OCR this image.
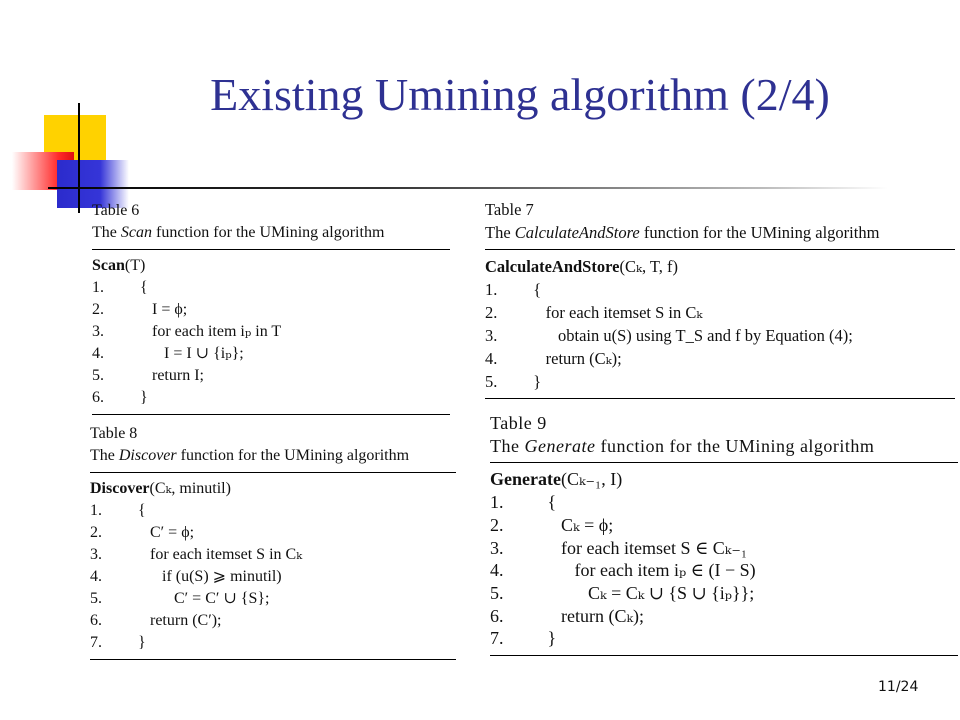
Existing Umining algorithm (2/4)

Table 6

The Scan function for the UMining algorithm

Scan(T)

1.	{
2.	I = ϕ;
3.	for each item iₚ in T
4.	I = I ∪ {iₚ};
5.	return I;
6.	}

Table 7

The CalculateAndStore function for the UMining algorithm

CalculateAndStore(Cₖ, T, f)

1.	{
2.	for each itemset S in Cₖ
3.	obtain u(S) using T_S and f by Equation (4);
4.	return (Cₖ);
5.	}

Table 8

The Discover function for the UMining algorithm

Discover(Cₖ, minutil)

1.	{
2.	C′ = ϕ;
3.	for each itemset S in Cₖ
4.	if (u(S) ⩾ minutil)
5.	C′ = C′ ∪ {S};
6.	return (C′);
7.	}

Table 9

The Generate function for the UMining algorithm

Generate(Cₖ₋₁, I)

1.	{
2.	Cₖ = ϕ;
3.	for each itemset S ∈ Cₖ₋₁
4.	for each item iₚ ∈ (I − S)
5.	Cₖ = Cₖ ∪ {S ∪ {iₚ}};
6.	return (Cₖ);
7.	}
11/24
